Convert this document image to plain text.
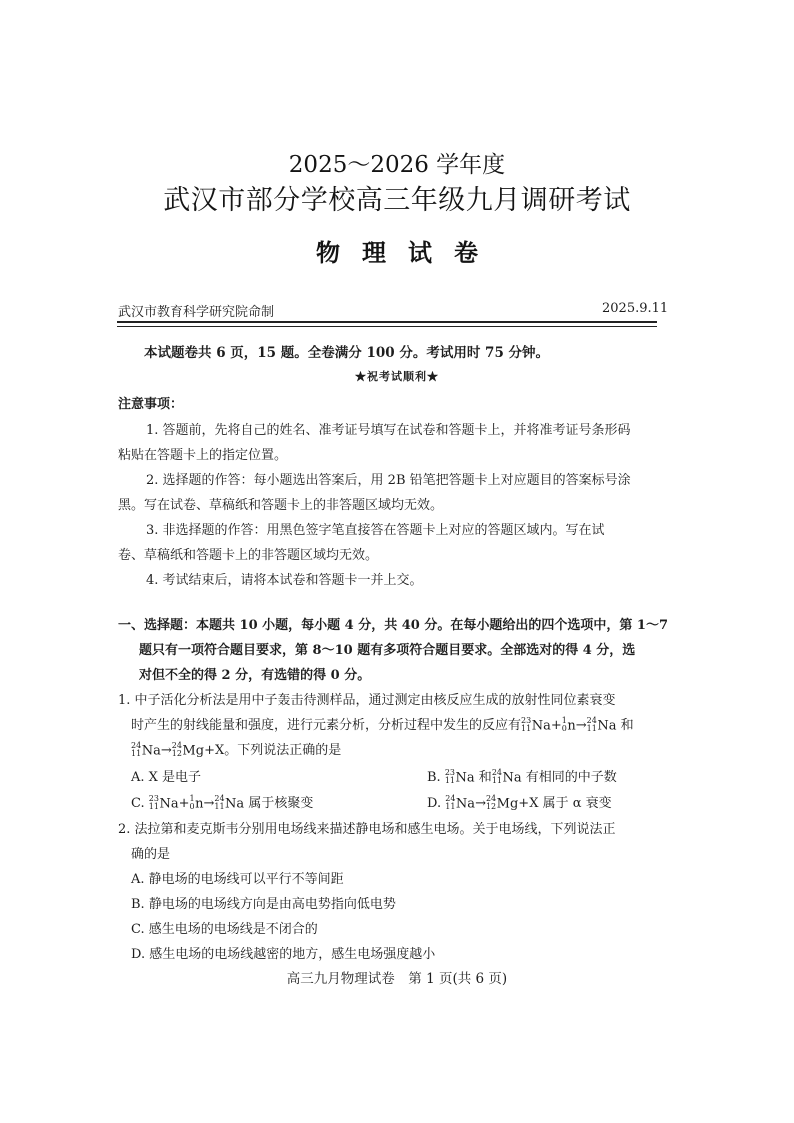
2025～2026 学年度
武汉市部分学校高三年级九月调研考试
物理试卷
武汉市教育科学研究院命制	2025.9.11
本试题卷共 6 页，15 题。全卷满分 100 分。考试用时 75 分钟。
★祝考试顺利★
注意事项：
1. 答题前，先将自己的姓名、准考证号填写在试卷和答题卡上，并将准考证号条形码
粘贴在答题卡上的指定位置。
2. 选择题的作答：每小题选出答案后，用 2B 铅笔把答题卡上对应题目的答案标号涂
黑。写在试卷、草稿纸和答题卡上的非答题区域均无效。
3. 非选择题的作答：用黑色签字笔直接答在答题卡上对应的答题区域内。写在试
卷、草稿纸和答题卡上的非答题区域均无效。
4. 考试结束后，请将本试卷和答题卡一并上交。
一、选择题：本题共 10 小题，每小题 4 分，共 40 分。在每小题给出的四个选项中，第 1～7
题只有一项符合题目要求，第 8～10 题有多项符合题目要求。全部选对的得 4 分，选
对但不全的得 2 分，有选错的得 0 分。
1. 中子活化分析法是用中子轰击待测样品，通过测定由核反应生成的放射性同位素衰变
时产生的射线能量和强度，进行元素分析，分析过程中发生的反应有 23
11 Na+ 1
0 n→ 24
11 Na 和
24
11 Na→ 24
12 Mg+X。下列说法正确的是
A. X 是电子	B. 23
11 Na 和 24
11 Na 有相同的中子数
C. 23
11 Na+ 1
0 n→ 24
11 Na 属于核聚变	D. 24
11 Na→ 24
12 Mg+X 属于 α 衰变
2. 法拉第和麦克斯韦分别用电场线来描述静电场和感生电场。关于电场线，下列说法正
确的是
A. 静电场的电场线可以平行不等间距
B. 静电场的电场线方向是由高电势指向低电势
C. 感生电场的电场线是不闭合的
D. 感生电场的电场线越密的地方，感生电场强度越小
高三九月物理试卷　第 1 页(共 6 页)
